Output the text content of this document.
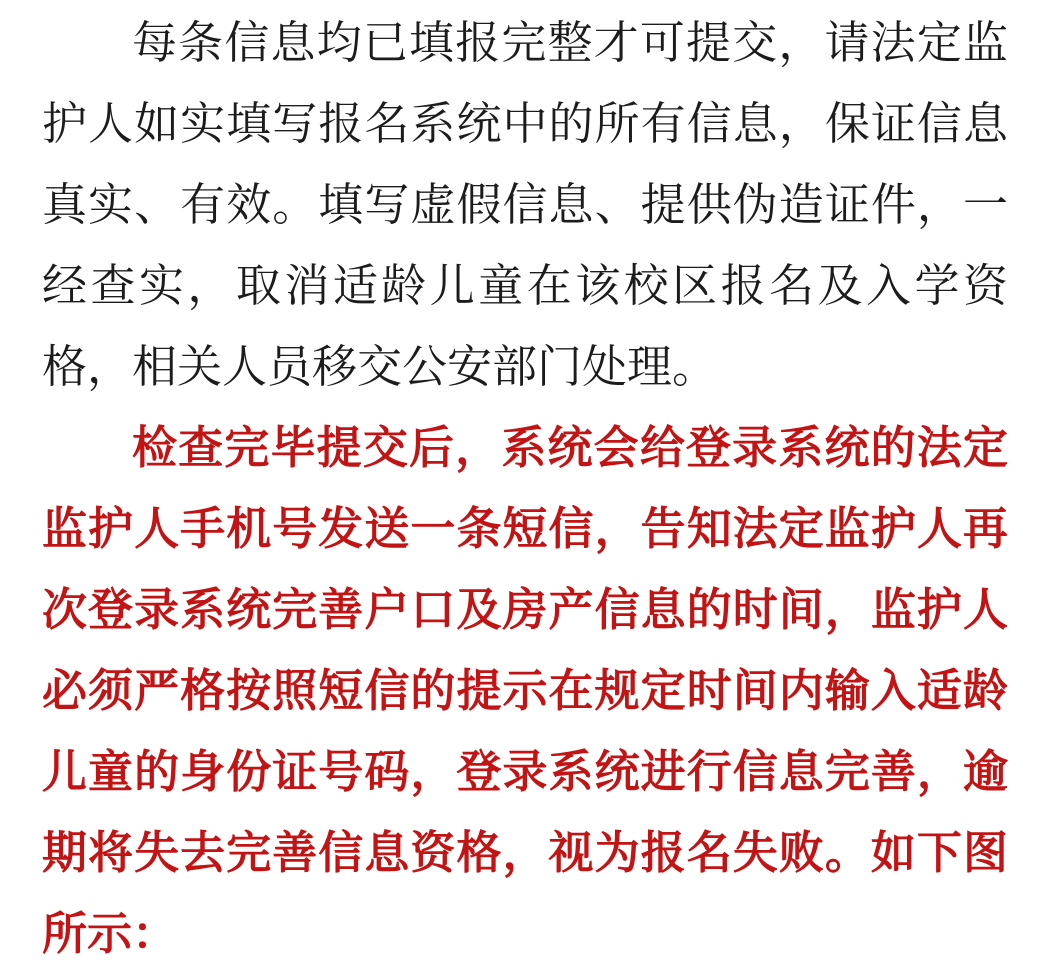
每条信息均已填报完整才可提交，请法定监护人如实填写报名系统中的所有信息，保证信息真实、有效。填写虚假信息、提供伪造证件，一经查实，取消适龄儿童在该校区报名及入学资格，相关人员移交公安部门处理。

检查完毕提交后，系统会给登录系统的法定监护人手机号发送一条短信，告知法定监护人再次登录系统完善户口及房产信息的时间，监护人必须严格按照短信的提示在规定时间内输入适龄儿童的身份证号码，登录系统进行信息完善，逾期将失去完善信息资格，视为报名失败。如下图所示：
